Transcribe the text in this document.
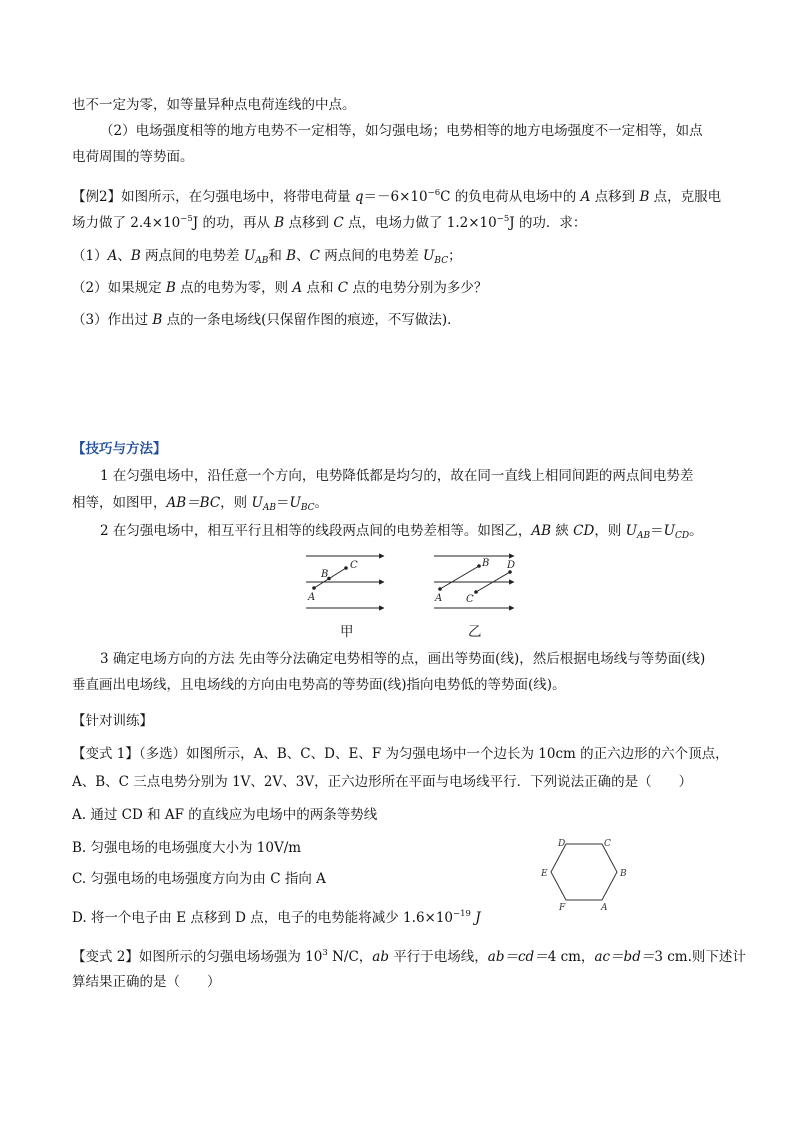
也不一定为零，如等量异种点电荷连线的中点。
（2）电场强度相等的地方电势不一定相等，如匀强电场；电势相等的地方电场强度不一定相等，如点
电荷周围的等势面。
【例2】如图所示，在匀强电场中，将带电荷量 $q=-6\times 10^{-6}C$ 的负电荷从电场中的 A 点移到 B 点，克服电
场力做了 $2.4\times 10^{-5}J$ 的功，再从 B 点移到 C 点，电场力做了 $1.2\times 10^{-5}J$ 的功．求：
（1）A、B 两点间的电势差 $U_{AB}$和 B、C 两点间的电势差 $U_{BC}$；
（2）如果规定 B 点的电势为零，则 A 点和 C 点的电势分别为多少？
（3）作出过 B 点的一条电场线(只保留作图的痕迹，不写做法)．
【技巧与方法】
1 在匀强电场中，沿任意一个方向，电势降低都是均匀的，故在同一直线上相同间距的两点间电势差
相等，如图甲，AB＝BC，则 $U_{AB}=U_{BC}$。
2 在匀强电场中，相互平行且相等的线段两点间的电势差相等。如图乙，AB 綊 CD，则 $U_{AB}=U_{CD}$。
A
B
C
甲
A
B
C
D
乙
3 确定电场方向的方法 先由等分法确定电势相等的点，画出等势面(线)，然后根据电场线与等势面(线)
垂直画出电场线，且电场线的方向由电势高的等势面(线)指向电势低的等势面(线)。
【针对训练】
【变式 1】（多选）如图所示，A、B、C、D、E、F 为匀强电场中一个边长为 10cm 的正六边形的六个顶点，
A、B、C 三点电势分别为 1V、2V、3V，正六边形所在平面与电场线平行．下列说法正确的是（　　）
A. 通过 CD 和 AF 的直线应为电场中的两条等势线
B. 匀强电场的电场强度大小为 10V/m
C. 匀强电场的电场强度方向为由 C 指向 A
D. 将一个电子由 E 点移到 D 点，电子的电势能将减少 $1.6\times 10^{-19}$ J
D	C
E	B
F	A
【变式 2】如图所示的匀强电场场强为 $10^3$ N/C，ab 平行于电场线，ab＝cd＝4 cm，ac＝bd＝3 cm.则下述计
算结果正确的是（　　）
